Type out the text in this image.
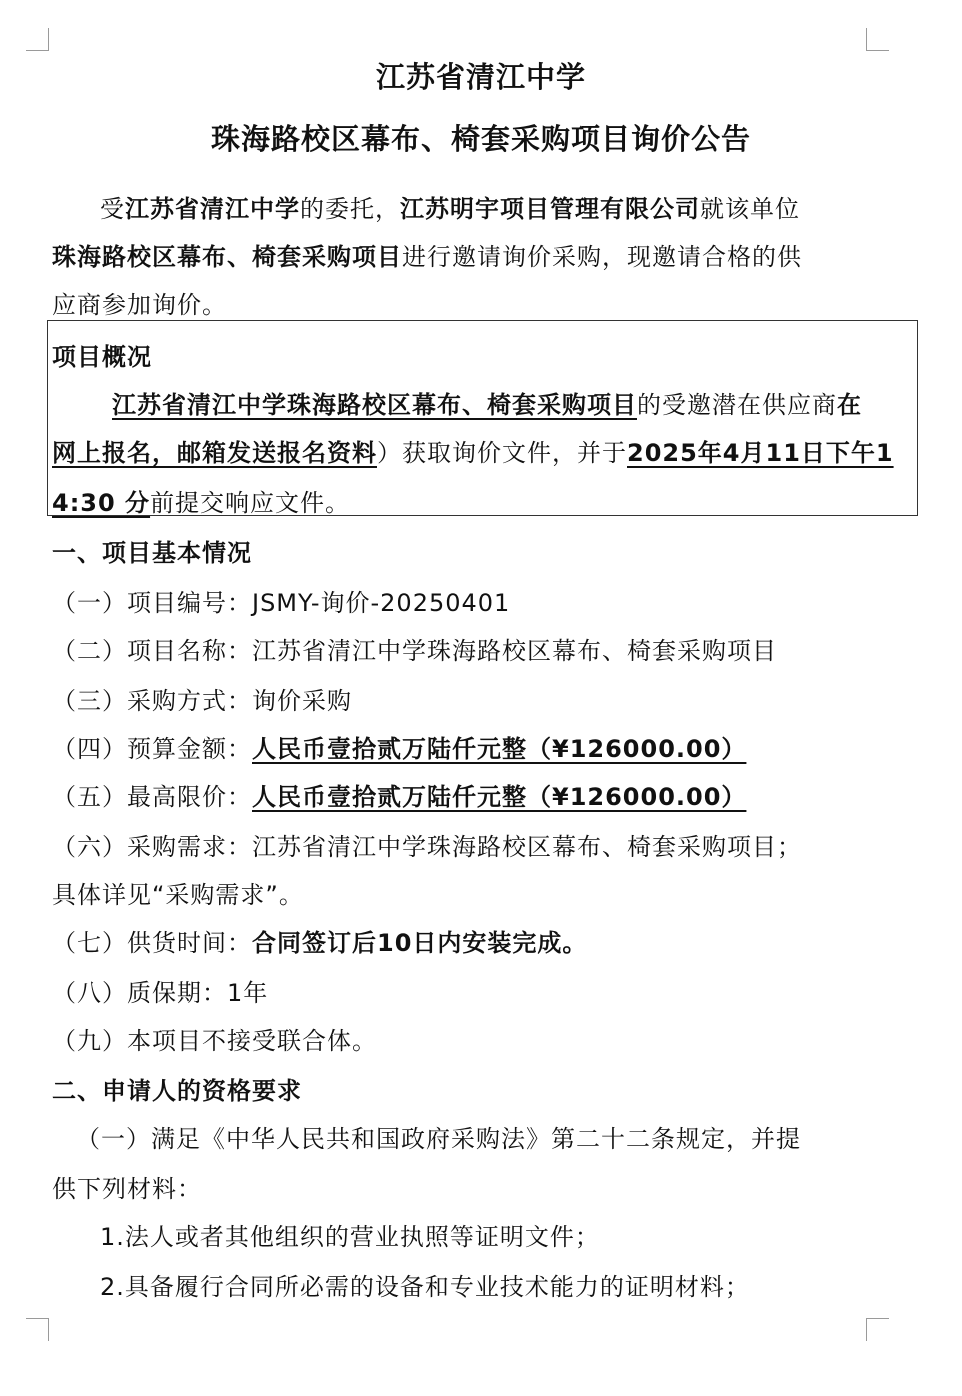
江苏省清江中学
珠海路校区幕布、椅套采购项目询价公告
受江苏省清江中学的委托，江苏明宇项目管理有限公司就该单位
珠海路校区幕布、椅套采购项目进行邀请询价采购，现邀请合格的供
应商参加询价。
项目概况
江苏省清江中学珠海路校区幕布、椅套采购项目的受邀潜在供应商在
网上报名，邮箱发送报名资料）获取询价文件，并于2025年4月11日下午1
4:30 分前提交响应文件。
一、项目基本情况
（一）项目编号：JSMY-询价-20250401
（二）项目名称：江苏省清江中学珠海路校区幕布、椅套采购项目
（三）采购方式：询价采购
（四）预算金额：人民币壹拾贰万陆仟元整（¥126000.00）
（五）最高限价：人民币壹拾贰万陆仟元整（¥126000.00）
（六）采购需求：江苏省清江中学珠海路校区幕布、椅套采购项目；
具体详见“采购需求”。
（七）供货时间：合同签订后10日内安装完成。
（八）质保期：1年
（九）本项目不接受联合体。
二、申请人的资格要求
（一）满足《中华人民共和国政府采购法》第二十二条规定，并提
供下列材料：
1.法人或者其他组织的营业执照等证明文件；
2.具备履行合同所必需的设备和专业技术能力的证明材料；
